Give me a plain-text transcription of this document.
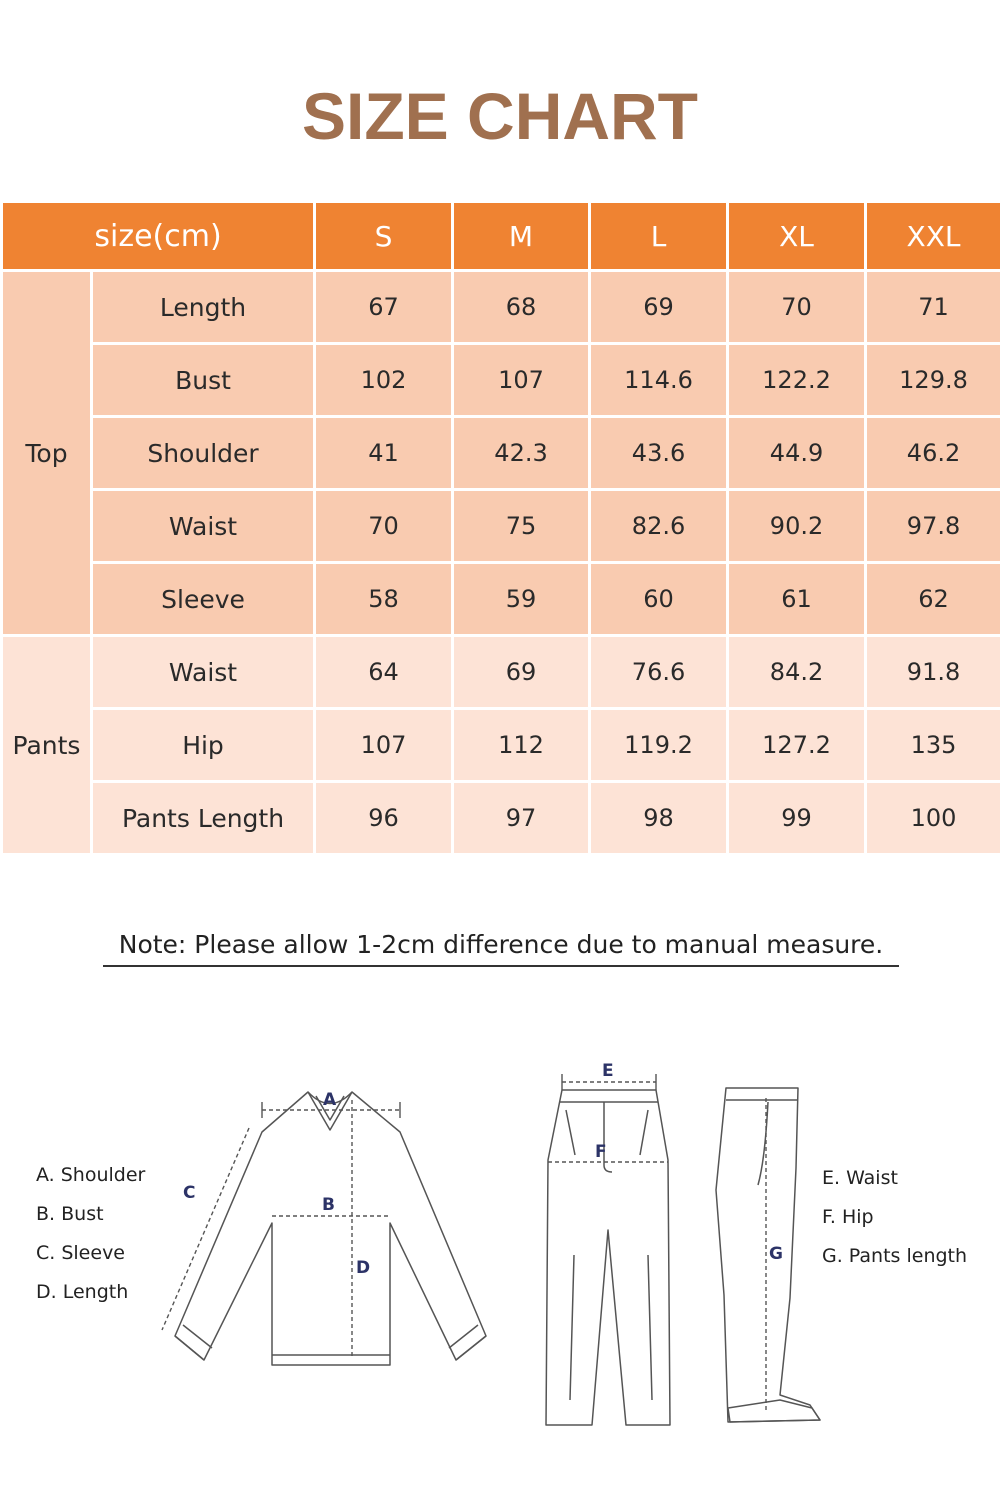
SIZE CHART
size(cm)		S	M	L	XL	XXL
Top	Length	67	68	69	70	71
	Bust	102	107	114.6	122.2	129.8
	Shoulder	41	42.3	43.6	44.9	46.2
	Waist	70	75	82.6	90.2	97.8
	Sleeve	58	59	60	61	62
Pants	Waist	64	69	76.6	84.2	91.8
	Hip	107	112	119.2	127.2	135
	Pants Length	96	97	98	99	100
Note: Please allow 1-2cm difference due to manual measure.
A. Shoulder
B. Bust
C. Sleeve
D. Length
E. Waist
F. Hip
G. Pants length
A
B
C
D
E
F
G
